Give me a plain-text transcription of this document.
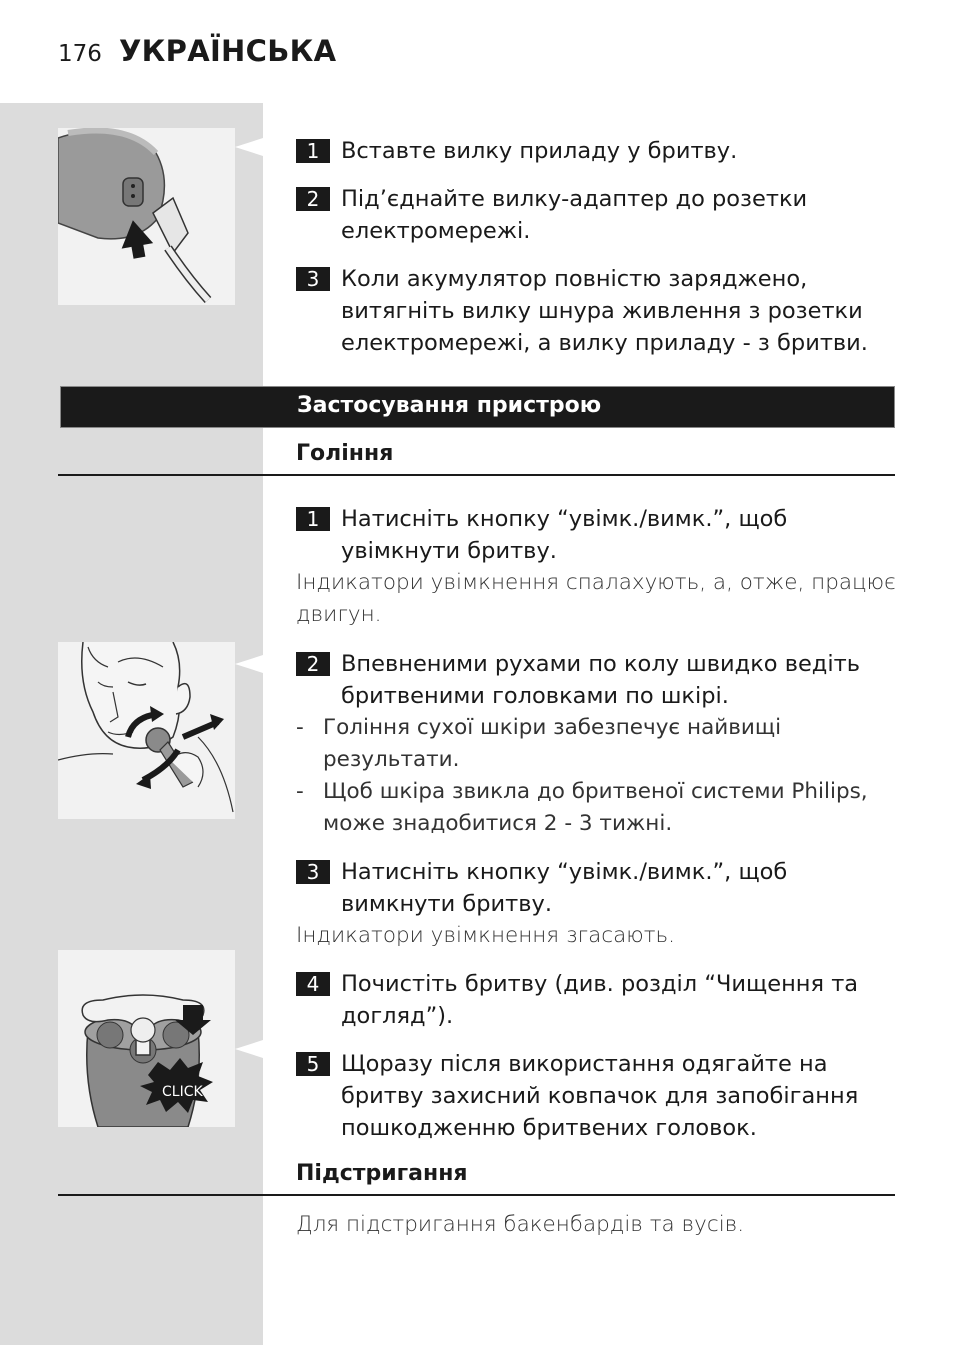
176 УКРАЇНСЬКА
CLICK
1 Вставте вилку приладу у бритву.
2 Під’єднайте вилку-адаптер до розетки електромережі.
3 Коли акумулятор повністю заряджено, витягніть вилку шнура живлення з розетки електромережі, а вилку приладу - з бритви.
Застосування пристрою
Гоління
1 Натисніть кнопку “увімк./вимк.”, щоб увімкнути бритву.
Індикатори увімкнення спалахують, а, отже, працює двигун.
2 Впевненими рухами по колу швидко ведіть бритвеними головками по шкірі.
- Гоління сухої шкіри забезпечує найвищі результати.
- Щоб шкіра звикла до бритвеної системи Philips, може знадобитися 2 - 3 тижні.
3 Натисніть кнопку “увімк./вимк.”, щоб вимкнути бритву.
Індикатори увімкнення згасають.
4 Почистіть бритву (див. розділ “Чищення та догляд”).
5 Щоразу після використання одягайте на бритву захисний ковпачок для запобігання пошкодженню бритвених головок.
Підстригання
Для підстригання бакенбардів та вусів.
